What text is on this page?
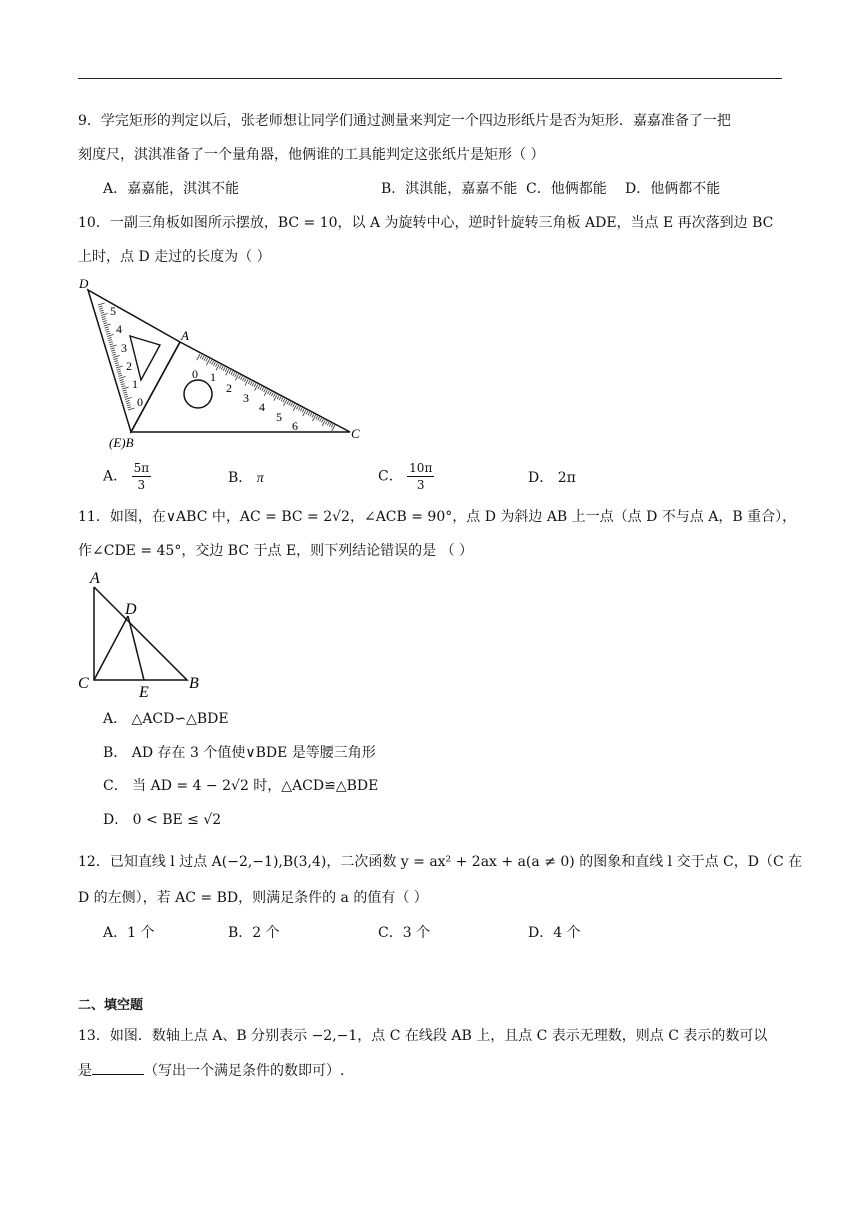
9．学完矩形的判定以后，张老师想让同学们通过测量来判定一个四边形纸片是否为矩形．嘉嘉准备了一把
刻度尺，淇淇准备了一个量角器，他俩谁的工具能判定这张纸片是矩形（ ）
A．嘉嘉能，淇淇不能	B．淇淇能，嘉嘉不能 C．他俩都能 D．他俩都不能
10．一副三角板如图所示摆放，BC = 10，以 A 为旋转中心，逆时针旋转三角板 ADE，当点 E 再次落到边 BC
上时，点 D 走过的长度为（ ）
D
A
(E)B
C
5
4
3
2
1
0
0 1
2
3
4
5
6
A
D
C
E
B
A． $\frac{5\pi}{3}$	B． π	C． $\frac{10\pi}{3}$	D． 2π
11．如图，在∨ABC 中，AC = BC = 2√2，∠ACB = 90°，点 D 为斜边 AB 上一点（点 D 不与点 A，B 重合），
作∠CDE = 45°，交边 BC 于点 E，则下列结论错误的是 （ ）
A． △ACD∽△BDE
B． AD 存在 3 个值使∨BDE 是等腰三角形
C． 当 AD = 4 − 2√2 时，△ACD≌△BDE
D． 0 < BE ≤ √2
12．已知直线 l 过点 A(−2,−1),B(3,4)，二次函数 y = ax² + 2ax + a(a ≠ 0) 的图象和直线 l 交于点 C，D（C 在
D 的左侧），若 AC = BD，则满足条件的 a 的值有（ ）
A．1 个	B．2 个	C．3 个	D．4 个
二、填空题
13．如图．数轴上点 A、B 分别表示 −2,−1，点 C 在线段 AB 上，且点 C 表示无理数，则点 C 表示的数可以
是	（写出一个满足条件的数即可）.
